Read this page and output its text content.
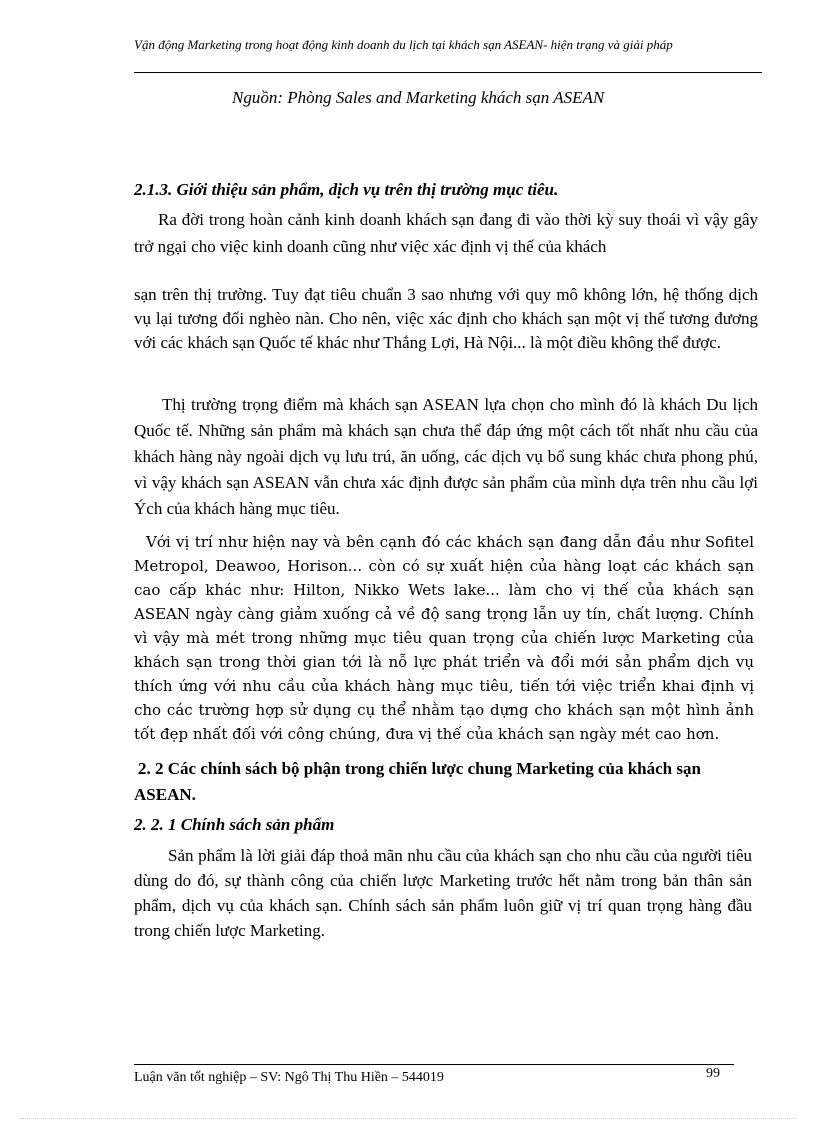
Vận động Marketing trong hoạt động kinh doanh du lịch tại khách sạn ASEAN- hiện trạng và giải pháp
Nguồn: Phòng Sales and Marketing khách sạn ASEAN
2.1.3. Giới thiệu sản phẩm, dịch vụ trên thị trường mục tiêu.
Ra đời trong hoàn cảnh kinh doanh khách sạn đang đi vào thời kỳ suy thoái vì vậy gây trở ngại cho việc kinh doanh cũng như việc xác định vị thế của khách
sạn trên thị trường. Tuy đạt tiêu chuẩn 3 sao nhưng với quy mô không lớn, hệ thống dịch vụ lại tương đối nghèo nàn. Cho nên, việc xác định cho khách sạn một vị thế tương đương với các khách sạn Quốc tế khác như Thắng Lợi, Hà Nội... là một điều không thể được.
Thị trường trọng điểm mà khách sạn ASEAN lựa chọn cho mình đó là khách Du lịch Quốc tế. Những sản phẩm mà khách sạn chưa thể đáp ứng một cách tốt nhất nhu cầu của khách hàng này ngoài dịch vụ lưu trú, ăn uống, các dịch vụ bổ sung khác chưa phong phú, vì vậy khách sạn ASEAN vẫn chưa xác định được sản phẩm của mình dựa trên nhu cầu lợi Ých của khách hàng mục tiêu.
Với vị trí như hiện nay và bên cạnh đó các khách sạn đang dẫn đầu như Sofitel Metropol, Deawoo, Horison... còn có sự xuất hiện của hàng loạt các khách sạn cao cấp khác như: Hilton, Nikko Wets lake... làm cho vị thế của khách sạn ASEAN ngày càng giảm xuống cả về độ sang trọng lẫn uy tín, chất lượng. Chính vì vậy mà mét trong những mục tiêu quan trọng của chiến lược Marketing của khách sạn trong thời gian tới là nỗ lực phát triển và đổi mới sản phẩm dịch vụ thích ứng với nhu cầu của khách hàng mục tiêu, tiến tới việc triển khai định vị cho các trường hợp sử dụng cụ thể nhằm tạo dựng cho khách sạn một hình ảnh tốt đẹp nhất đối với công chúng, đưa vị thế của khách sạn ngày mét cao hơn.
2. 2 Các chính sách bộ phận trong chiến lược chung Marketing của khách sạn ASEAN.
2. 2. 1 Chính sách sản phẩm
Sản phẩm là lời giải đáp thoả mãn nhu cầu của khách sạn cho nhu cầu của người tiêu dùng do đó, sự thành công của chiến lược Marketing trước hết nằm trong bản thân sản phẩm, dịch vụ của khách sạn. Chính sách sản phẩm luôn giữ vị trí quan trọng hàng đầu trong chiến lược Marketing.
Luận văn tốt nghiệp – SV: Ngô Thị Thu Hiền – 544019	99
